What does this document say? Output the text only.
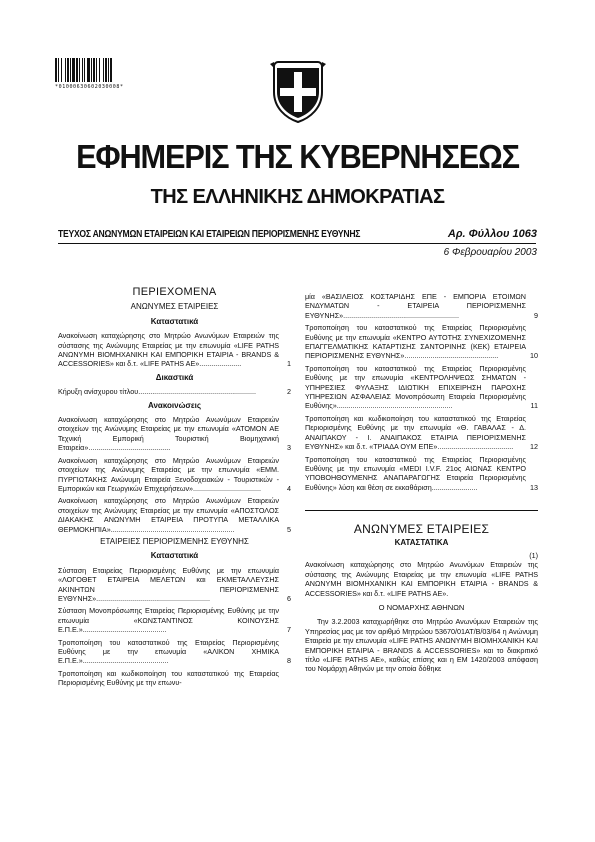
*01000630602030008*
ΕΦΗΜΕΡΙΣ ΤΗΣ ΚΥΒΕΡΝΗΣΕΩΣ
ΤΗΣ ΕΛΛΗΝΙΚΗΣ ΔΗΜΟΚΡΑΤΙΑΣ
ΤΕΥΧΟΣ ΑΝΩΝΥΜΩΝ ΕΤΑΙΡΕΙΩΝ ΚΑΙ ΕΤΑΙΡΕΙΩΝ ΠΕΡΙΟΡΙΣΜΕΝΗΣ ΕΥΘΥΝΗΣ	Αρ. Φύλλου 1063
6 Φεβρουαρίου 2003
ΠΕΡΙΕΧΟΜΕΝΑ
ΑΝΩΝΥΜΕΣ ΕΤΑΙΡΕΙΕΣ
Καταστατικά
Ανακοίνωση καταχώρησης στο Μητρώο Ανωνύμων Εταιρειών της σύστασης της Ανώνυμης Εταιρείας με την επωνυμία «LIFE PATHS ΑΝΩΝΥΜΗ ΒΙΟΜΗΧΑΝΙΚΗ ΚΑΙ ΕΜΠΟΡΙΚΗ ΕΤΑΙΡΙΑ - BRANDS & ACCESSORIES» και δ.τ. «LIFE PATHS AE».....................	1
Δικαστικά
Κήρυξη ανίσχυρου τίτλου...........................................................	2
Ανακοινώσεις
Ανακοίνωση καταχώρησης στο Μητρώο Ανωνύμων Εταιρειών στοιχείων της Ανώνυμης Εταιρείας με την επωνυμία «ΑΤΟΜΟΝ ΑΕ Τεχνική Εμπορική Τουριστική Βιομηχανική Εταιρεία».........................................	3
Ανακοίνωση καταχώρησης στο Μητρώο Ανωνύμων Εταιρειών στοιχείων της Ανώνυμης Εταιρείας με την επωνυμία «ΕΜΜ. ΠΥΡΓΙΩΤΑΚΗΣ Ανώνυμη Εταιρεία Ξενοδοχειακών - Τουριστικών - Εμπορικών και Γεωργικών Επιχειρήσεων»..................................	4
Ανακοίνωση καταχώρησης στο Μητρώο Ανωνύμων Εταιρειών στοιχείων της Ανώνυμης Εταιρείας με την επωνυμία «ΑΠΟΣΤΟΛΟΣ ΔΙΑΚΑΚΗΣ ΑΝΩΝΥΜΗ ΕΤΑΙΡΕΙΑ ΠΡΟΤΥΠΑ ΜΕΤΑΛΛΙΚΑ ΘΕΡΜΟΚΗΠΙΑ»..............................................................	5
ΕΤΑΙΡΕΙΕΣ ΠΕΡΙΟΡΙΣΜΕΝΗΣ ΕΥΘΥΝΗΣ
Καταστατικά
Σύσταση Εταιρείας Περιορισμένης Ευθύνης με την επωνυμία «ΛΟΓΟΘΕΤ ΕΤΑΙΡΕΙΑ ΜΕΛΕΤΩΝ και ΕΚΜΕΤΑΛΛΕΥΣΗΣ ΑΚΙΝΗΤΩΝ ΠΕΡΙΟΡΙΣΜΕΝΗΣ ΕΥΘΥΝΗΣ».........................................................	6
Σύσταση Μονοπρόσωπης Εταιρείας Περιορισμένης Ευθύνης με την επωνυμία «ΚΩΝΣΤΑΝΤΙΝΟΣ ΚΟΙΝΟΥΣΗΣ Ε.Π.Ε.»..........................................	7
Τροποποίηση του καταστατικού της Εταιρείας Περιορισμένης Ευθύνης με την επωνυμία «ΑΛΙΚΟΝ ΧΗΜΙΚΑ Ε.Π.Ε.»...........................................	8
Τροποποίηση και κωδικοποίηση του καταστατικού της Εταιρείας Περιορισμένης Ευθύνης με την επωνυ-
μία «ΒΑΣΙΛΕΙΟΣ ΚΟΣΤΑΡΙΔΗΣ ΕΠΕ - ΕΜΠΟΡΙΑ ΕΤΟΙΜΩΝ ΕΝΔΥΜΑΤΩΝ - ΕΤΑΙΡΕΙΑ ΠΕΡΙΟΡΙΣΜΕΝΗΣ ΕΥΘΥΝΗΣ»..........................................................	9
Τροποποίηση του καταστατικού της Εταιρείας Περιορισμένης Ευθύνης με την επωνυμία «ΚΕΝΤΡΟ ΑΥΤΟΤΗΣ ΣΥΝΕΧΙΖΟΜΕΝΗΣ ΕΠΑΓΓΕΛΜΑΤΙΚΗΣ ΚΑΤΑΡΤΙΣΗΣ ΣΑΝΤΟΡΙΝΗΣ (ΚΕΚ) ΕΤΑΙΡΕΙΑ ΠΕΡΙΟΡΙΣΜΕΝΗΣ ΕΥΘΥΝΗΣ»...............................................	10
Τροποποίηση του καταστατικού της Εταιρείας Περιορισμένης Ευθύνης με την επωνυμία «ΚΕΝΤΡΟΛΗΨΕΩΣ ΣΗΜΑΤΩΝ - ΥΠΗΡΕΣΙΕΣ ΦΥΛΑΞΗΣ ΙΔΙΩΤΙΚΗ ΕΠΙΧΕΙΡΗΣΗ ΠΑΡΟΧΗΣ ΥΠΗΡΕΣΙΩΝ ΑΣΦΑΛΕΙΑΣ Μονοπρόσωπη Εταιρεία Περιορισμένης Ευθύνης»..........................................................	11
Τροποποίηση και κωδικοποίηση του καταστατικού της Εταιρείας Περιορισμένης Ευθύνης με την επωνυμία «Θ. ΓΑΒΑΛΑΣ - Δ. ΑΝΑΙΠΑΚΟΥ - Ι. ΑΝΑΙΠΑΚΟΣ ΕΤΑΙΡΙΑ ΠΕΡΙΟΡΙΣΜΕΝΗΣ ΕΥΘΥΝΗΣ» και δ.τ. «ΤΡΙΑΔΑ ΟΥΜ ΕΠΕ»......................................	12
Τροποποίηση του καταστατικού της Εταιρείας Περιορισμένης Ευθύνης με την επωνυμία «MEDI I.V.F. 21ος ΑΙΩΝΑΣ ΚΕΝΤΡΟ ΥΠΟΒΟΗΘΟΥΜΕΝΗΣ ΑΝΑΠΑΡΑΓΩΓΗΣ Εταιρεία Περιορισμένης Ευθύνης» λύση και θέση σε εκκαθάριση.......................	13
ΑΝΩΝΥΜΕΣ ΕΤΑΙΡΕΙΕΣ
ΚΑΤΑΣΤΑΤΙΚΑ
(1)
Ανακοίνωση καταχώρησης στο Μητρώο Ανωνύμων Εταιρειών της σύστασης της Ανώνυμης Εταιρείας με την επωνυμία «LIFE PATHS ΑΝΩΝΥΜΗ ΒΙΟΜΗΧΑΝΙΚΗ ΚΑΙ ΕΜΠΟΡΙΚΗ ΕΤΑΙΡΙΑ - BRANDS & ACCESSORIES» και δ.τ. «LIFE PATHS AE».
Ο ΝΟΜΑΡΧΗΣ ΑΘΗΝΩΝ
Την 3.2.2003 καταχωρήθηκε στο Μητρώο Ανωνύμων Εταιρειών της Υπηρεσίας μας με τον αριθμό Μητρώου 53670/01ΑΤ/Β/03/64 η Ανώνυμη Εταιρεία με την επωνυμία «LIFE PATHS ΑΝΩΝΥΜΗ ΒΙΟΜΗΧΑΝΙΚΗ ΚΑΙ ΕΜΠΟΡΙΚΗ ΕΤΑΙΡΙΑ - BRANDS & ACCESSORIES» και το διακριτικό τίτλο «LIFE PATHS AE», καθώς επίσης και η ΕΜ 1420/2003 απόφαση του Νομάρχη Αθηνών με την οποία δόθηκε
